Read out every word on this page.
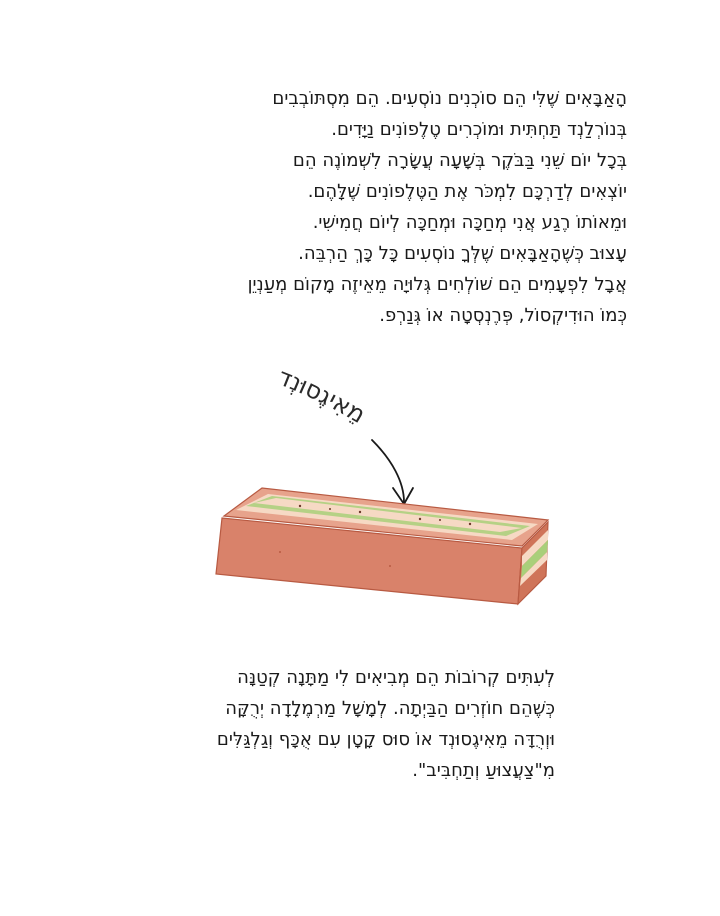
הָאַבָּאִים שֶׁלִּי הֵם סוֹכְנִים נוֹסְעִים. הֵם מִסְתּוֹבְבִים
בְּנוֹרְלַנְד תַּחְתִּית וּמוֹכְרִים טֶלֶפוֹנִים נַיָּדִים.
בְּכָל יוֹם שֵׁנִי בַּבֹּקֶר בְּשָׁעָה עֲשָׂרָה לִשְׁמוֹנֶה הֵם
יוֹצְאִים לְדַרְכָּם לִמְכֹּר אֶת הַטֶּלֶפוֹנִים שֶׁלָּהֶם.
וּמֵאוֹתוֹ רֶגַע אֲנִי מְחַכָּה וּמְחַכָּה לְיוֹם חֲמִישִׁי.
עָצוּב כְּשֶׁהָאַבָּאִים שֶׁלְּךָ נוֹסְעִים כָּל כָּךְ הַרְבֵּה.
אֲבָל לִפְעָמִים הֵם שׁוֹלְחִים גְּלוּיָה מֵאֵיזֶה מָקוֹם מְעַנְיֵן
כְּמוֹ הוּדִיקְסוֹל, פְּרֶנְסְטָה אוֹ גְּנַרְפ.
מֵאִיגֶסוּנְד
לְעִתִּים קְרוֹבוֹת הֵם מְבִיאִים לִי מַתָּנָה קְטַנָּה
כְּשֶׁהֵם חוֹזְרִים הַבַּיְתָה. לְמָשָׁל מַרְמֶלָדָה יְרֻקָּה
וּוְרֻדָּה מֵאִיגֶסוּנְד אוֹ סוּס קָטָן עִם אֻכָּף וְגַלְגַּלִּים
מִ"צַעֲצוּעַ וְתַחְבִּיב".
